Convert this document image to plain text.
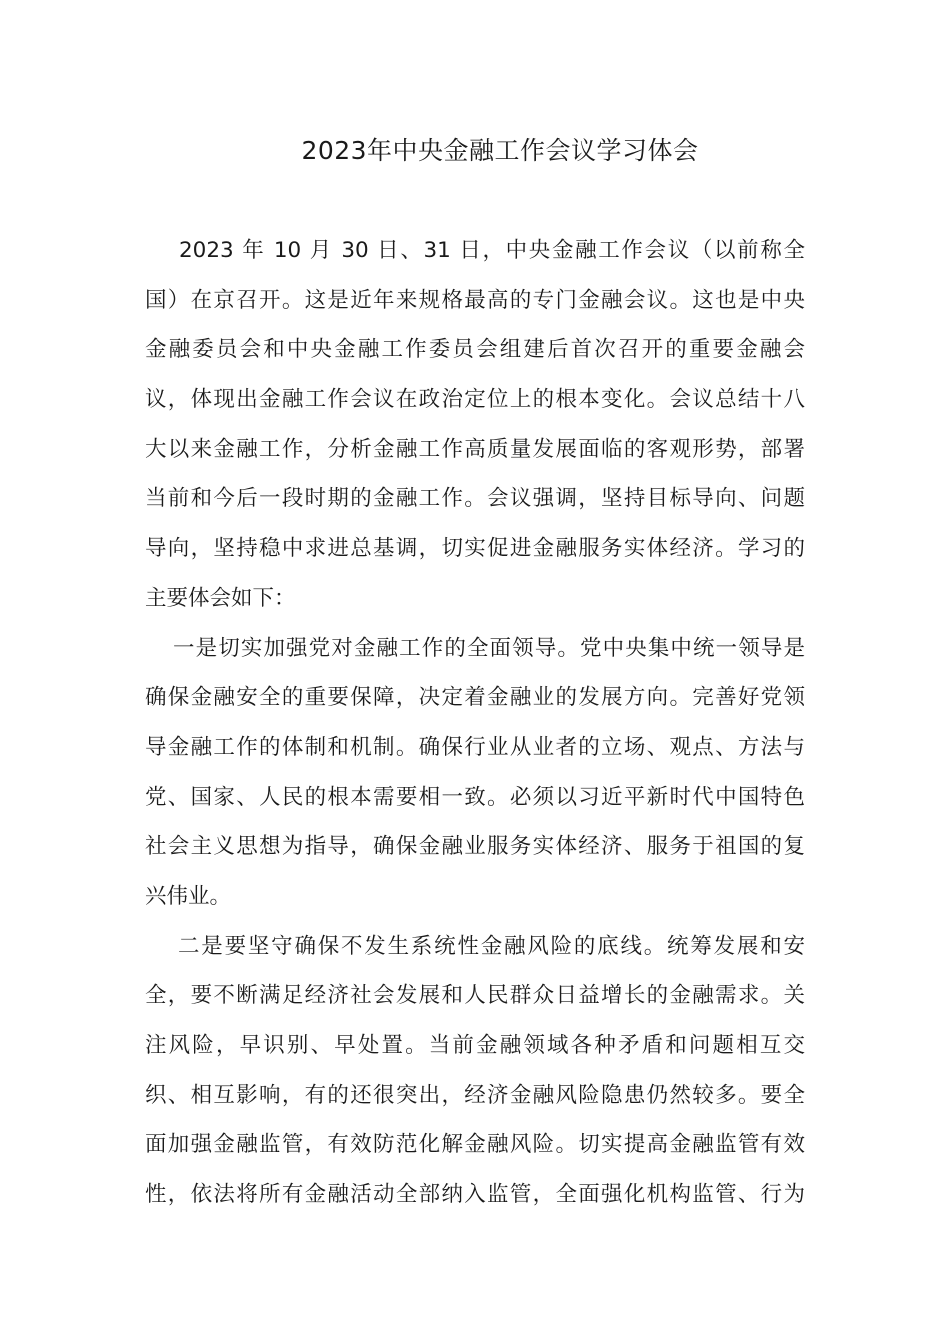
2023年中央金融工作会议学习体会
2023 年 10 月 30 日、31 日，中央金融工作会议（以前称全
国）在京召开。这是近年来规格最高的专门金融会议。这也是中央
金融委员会和中央金融工作委员会组建后首次召开的重要金融会
议，体现出金融工作会议在政治定位上的根本变化。会议总结十八
大以来金融工作，分析金融工作高质量发展面临的客观形势，部署
当前和今后一段时期的金融工作。会议强调，坚持目标导向、问题
导向，坚持稳中求进总基调，切实促进金融服务实体经济。学习的
主要体会如下：
一是切实加强党对金融工作的全面领导。党中央集中统一领导是
确保金融安全的重要保障，决定着金融业的发展方向。完善好党领
导金融工作的体制和机制。确保行业从业者的立场、观点、方法与
党、国家、人民的根本需要相一致。必须以习近平新时代中国特色
社会主义思想为指导，确保金融业服务实体经济、服务于祖国的复
兴伟业。
二是要坚守确保不发生系统性金融风险的底线。统筹发展和安
全，要不断满足经济社会发展和人民群众日益增长的金融需求。关
注风险，早识别、早处置。当前金融领域各种矛盾和问题相互交
织、相互影响，有的还很突出，经济金融风险隐患仍然较多。要全
面加强金融监管，有效防范化解金融风险。切实提高金融监管有效
性，依法将所有金融活动全部纳入监管，全面强化机构监管、行为
